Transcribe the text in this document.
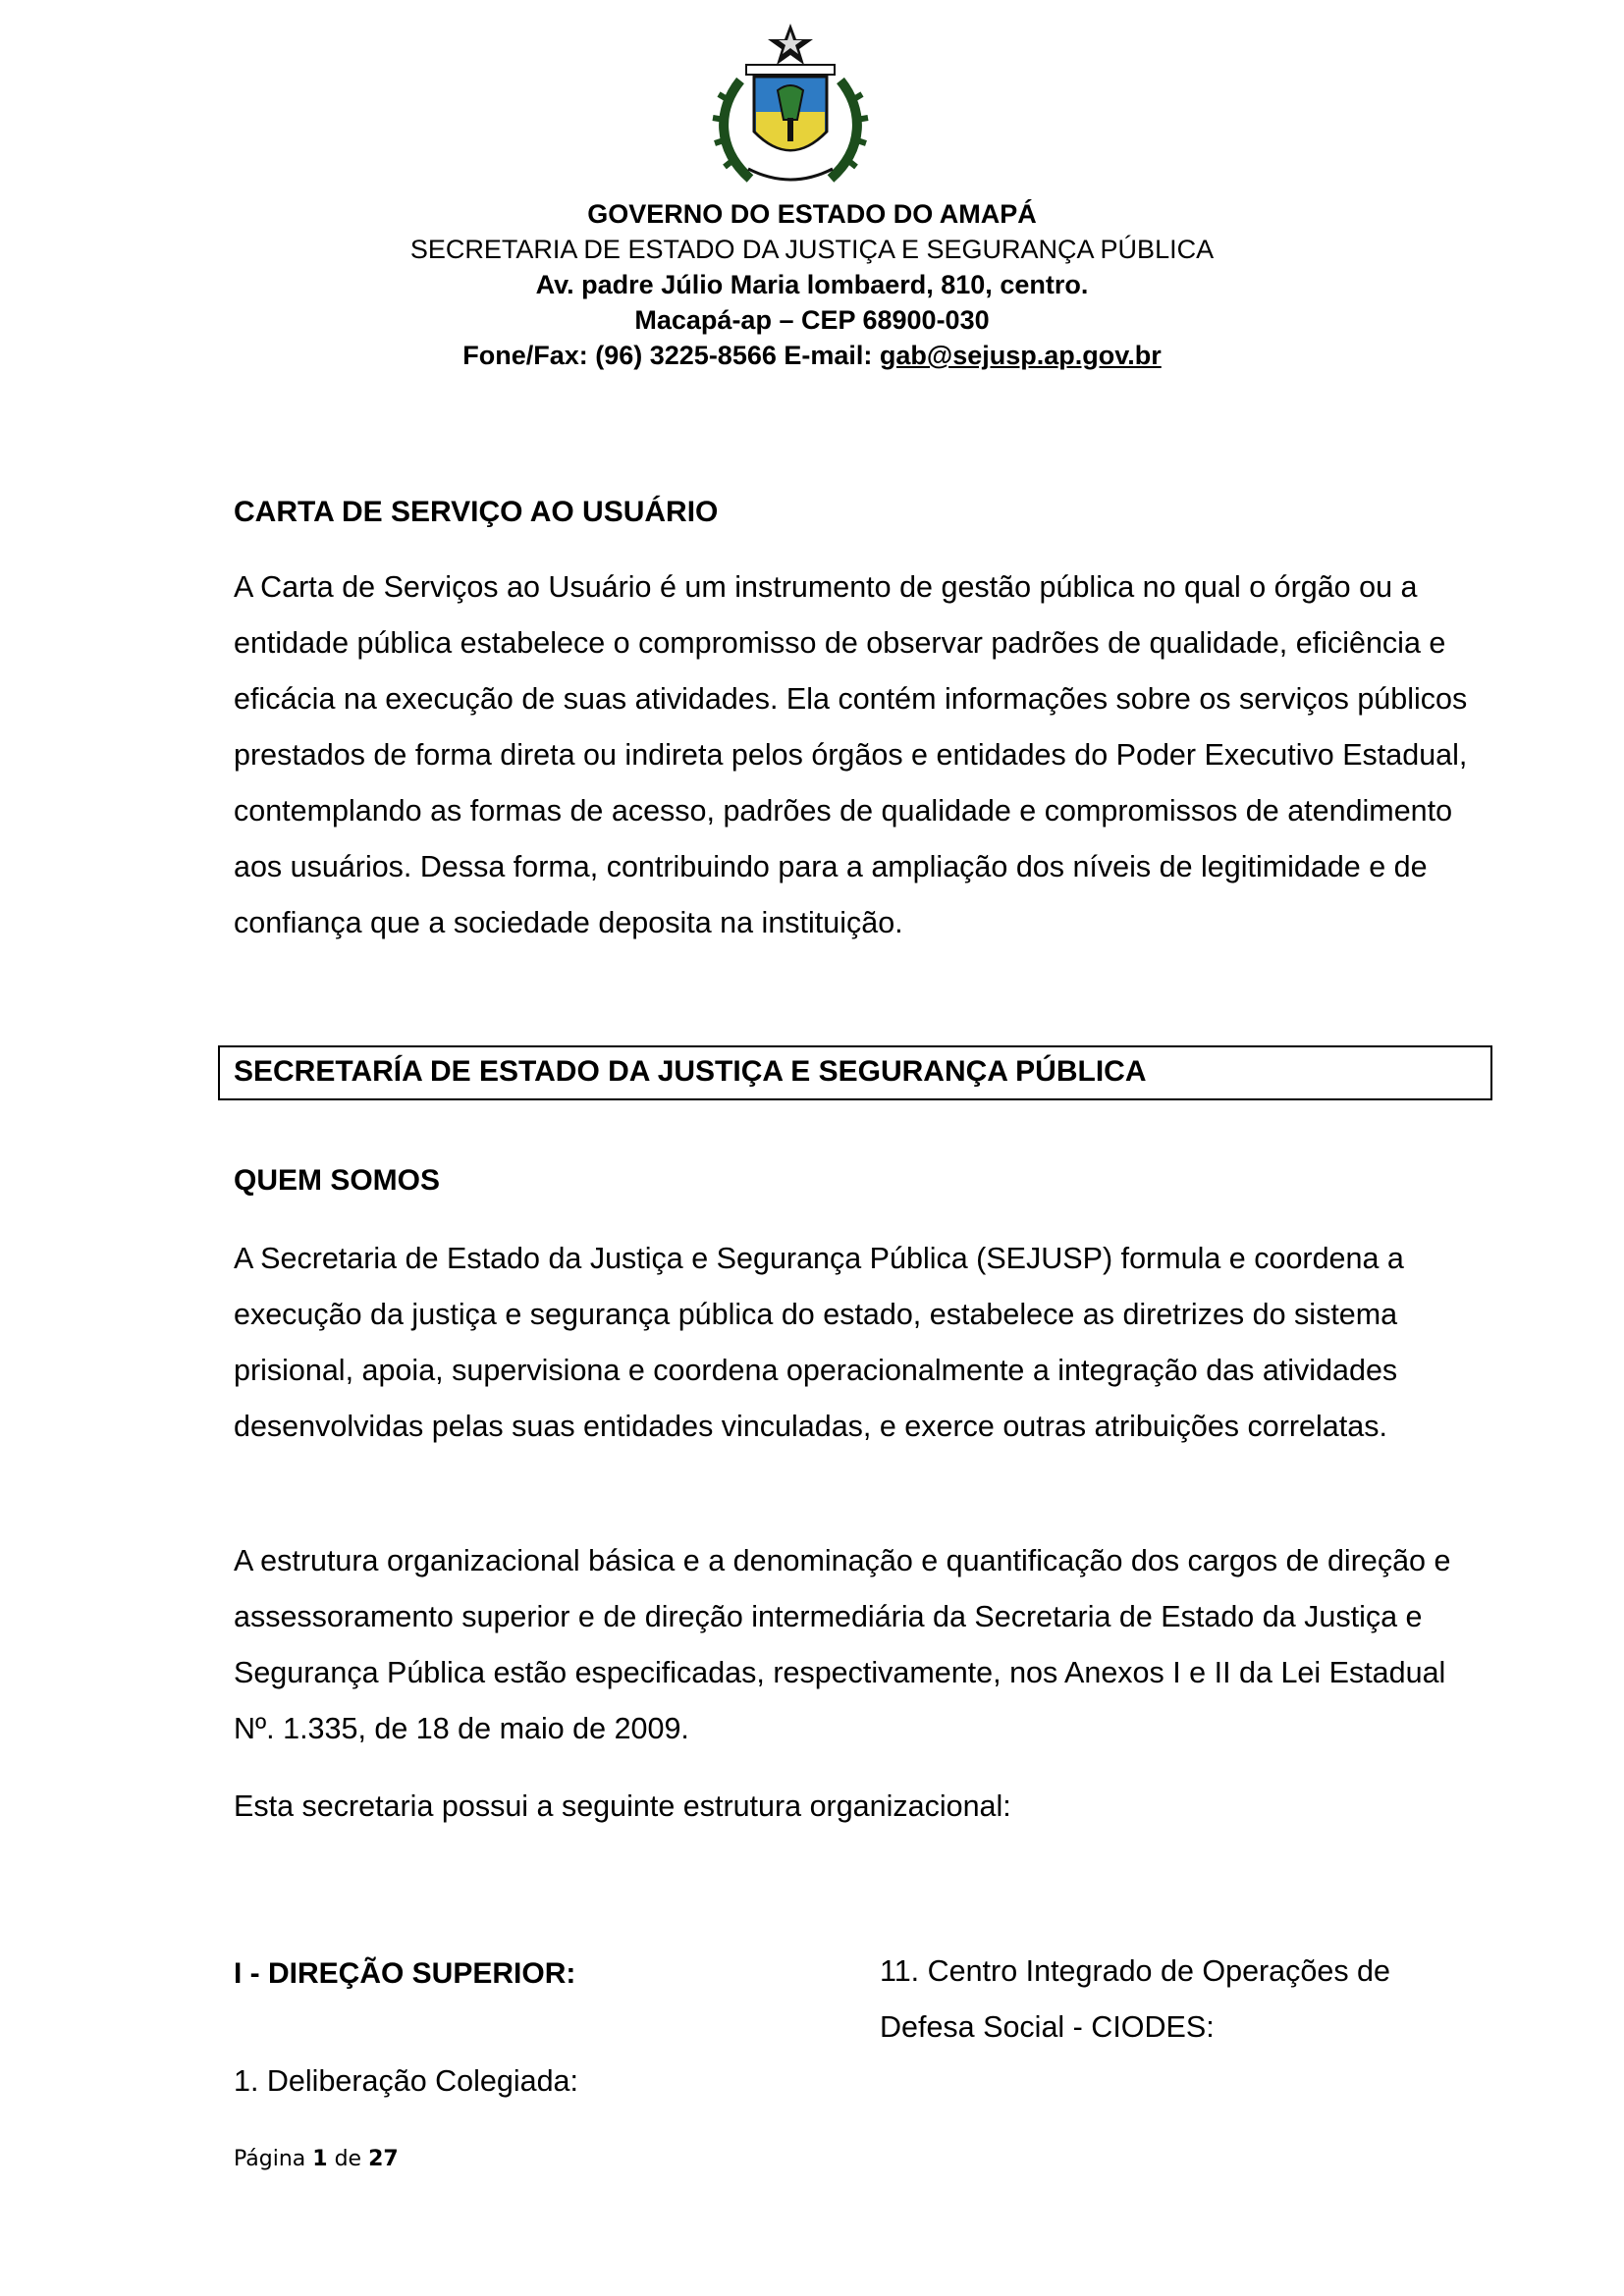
GOVERNO DO ESTADO DO AMAPÁ
SECRETARIA DE ESTADO DA JUSTIÇA E SEGURANÇA PÚBLICA
Av. padre Júlio Maria lombaerd, 810, centro.
Macapá-ap – CEP 68900-030
Fone/Fax: (96) 3225-8566 E-mail: gab@sejusp.ap.gov.br
CARTA DE SERVIÇO AO USUÁRIO

A Carta de Serviços ao Usuário é um instrumento de gestão pública no qual o órgão ou a entidade pública estabelece o compromisso de observar padrões de qualidade, eficiência e eficácia na execução de suas atividades. Ela contém informações sobre os serviços públicos prestados de forma direta ou indireta pelos órgãos e entidades do Poder Executivo Estadual, contemplando as formas de acesso, padrões de qualidade e compromissos de atendimento aos usuários. Dessa forma, contribuindo para a ampliação dos níveis de legitimidade e de confiança que a sociedade deposita na instituição.

SECRETARÍA DE ESTADO DA JUSTIÇA E SEGURANÇA PÚBLICA
QUEM SOMOS

A Secretaria de Estado da Justiça e Segurança Pública (SEJUSP) formula e coordena a execução da justiça e segurança pública do estado, estabelece as diretrizes do sistema prisional, apoia, supervisiona e coordena operacionalmente a integração das atividades desenvolvidas pelas suas entidades vinculadas, e exerce outras atribuições correlatas.

A estrutura organizacional básica e a denominação e quantificação dos cargos de direção e assessoramento superior e de direção intermediária da Secretaria de Estado da Justiça e Segurança Pública estão especificadas, respectivamente, nos Anexos I e II da Lei Estadual Nº. 1.335, de 18 de maio de 2009.

Esta secretaria possui a seguinte estrutura organizacional:

I - DIREÇÃO SUPERIOR:
1. Deliberação Colegiada:
11. Centro Integrado de Operações de Defesa Social - CIODES:
Página 1 de 27
